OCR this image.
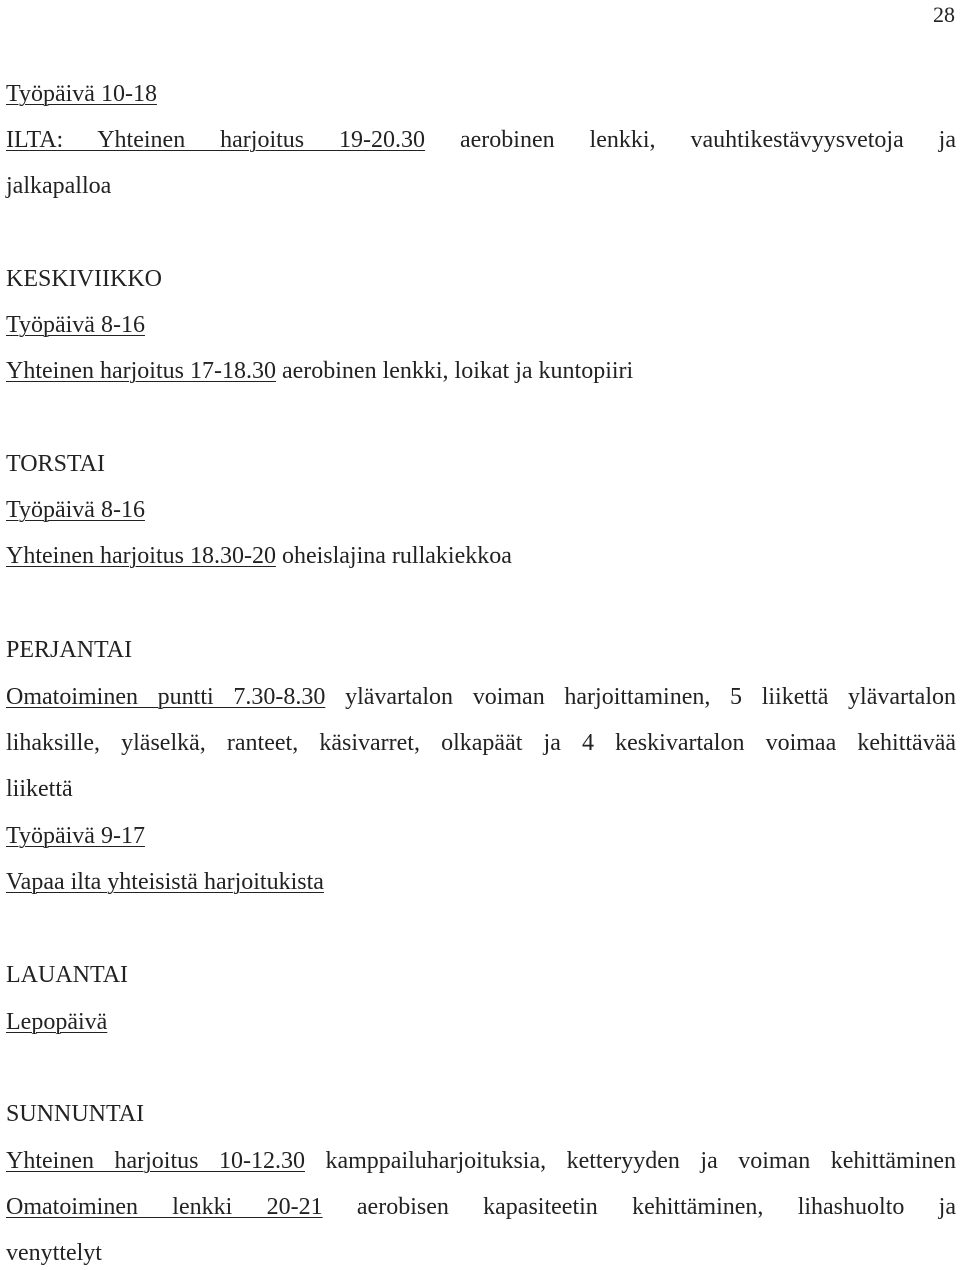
28
Työpäivä 10-18
ILTA: Yhteinen harjoitus 19-20.30 aerobinen lenkki, vauhtikestävyysvetoja ja
jalkapalloa
KESKIVIIKKO
Työpäivä 8-16
Yhteinen harjoitus 17-18.30 aerobinen lenkki, loikat ja kuntopiiri
TORSTAI
Työpäivä 8-16
Yhteinen harjoitus 18.30-20 oheislajina rullakiekkoa
PERJANTAI
Omatoiminen puntti 7.30-8.30 ylävartalon voiman harjoittaminen, 5 liikettä ylävartalon
lihaksille, yläselkä, ranteet, käsivarret, olkapäät ja 4 keskivartalon voimaa kehittävää
liikettä
Työpäivä 9-17
Vapaa ilta yhteisistä harjoitukista
LAUANTAI
Lepopäivä
SUNNUNTAI
Yhteinen harjoitus 10-12.30 kamppailuharjoituksia, ketteryyden ja voiman kehittäminen
Omatoiminen lenkki 20-21 aerobisen kapasiteetin kehittäminen, lihashuolto ja
venyttelyt
